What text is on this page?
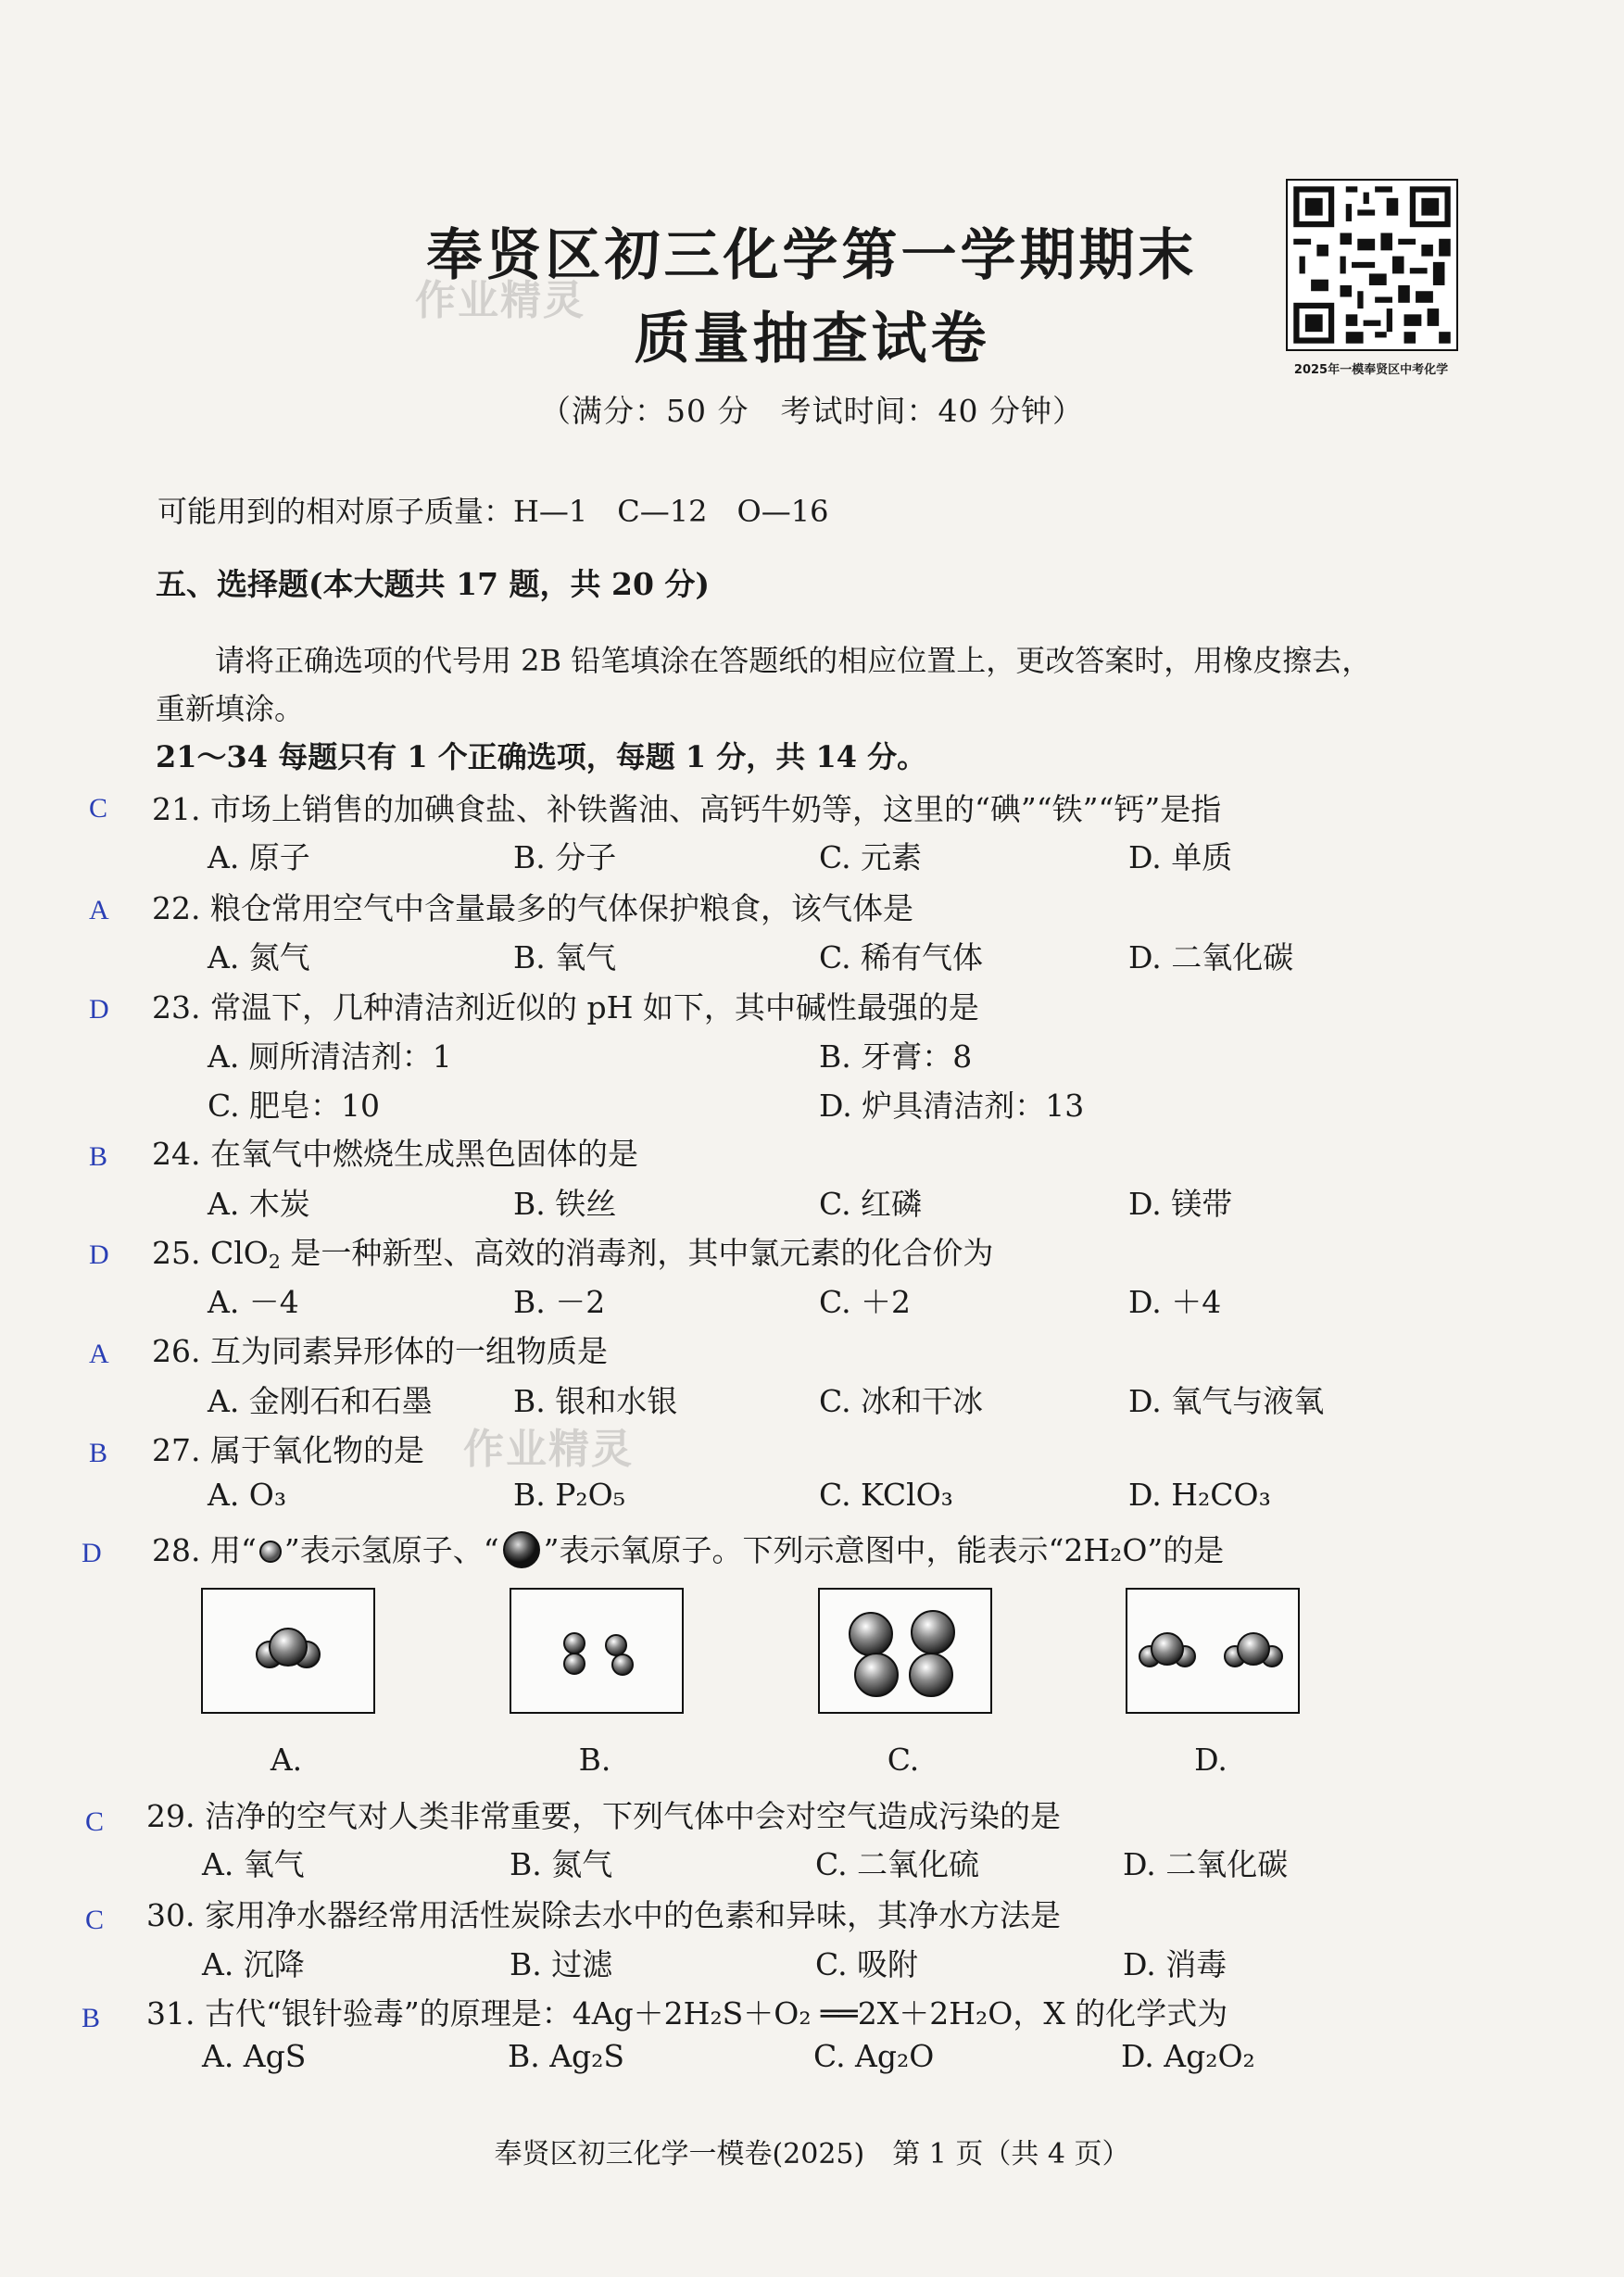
奉贤区初三化学第一学期期末
质量抽查试卷
作业精灵
2025年一模奉贤区中考化学
（满分：50 分　考试时间：40 分钟）
可能用到的相对原子质量：H—1　C—12　O—16
五、选择题(本大题共 17 题，共 20 分)
请将正确选项的代号用 2B 铅笔填涂在答题纸的相应位置上，更改答案时，用橡皮擦去，
重新填涂。
21～34 每题只有 1 个正确选项，每题 1 分，共 14 分。
C 21. 市场上销售的加碘食盐、补铁酱油、高钙牛奶等，这里的“碘”“铁”“钙”是指
A. 原子	B. 分子	C. 元素	D. 单质
A 22. 粮仓常用空气中含量最多的气体保护粮食，该气体是
A. 氮气	B. 氧气	C. 稀有气体	D. 二氧化碳
D 23. 常温下，几种清洁剂近似的 pH 如下，其中碱性最强的是
A. 厕所清洁剂：1	B. 牙膏：8
C. 肥皂：10	D. 炉具清洁剂：13
B 24. 在氧气中燃烧生成黑色固体的是
A. 木炭	B. 铁丝	C. 红磷	D. 镁带
D 25. ClO$_2$ 是一种新型、高效的消毒剂，其中氯元素的化合价为
A. －4	B. －2	C. ＋2	D. ＋4
A 26. 互为同素异形体的一组物质是
A. 金刚石和石墨	B. 银和水银	C. 冰和干冰	D. 氧气与液氧
B 27. 属于氧化物的是 作业精灵
A. O₃	B. P₂O₅	C. KClO₃	D. H₂CO₃
D 28. 用“ ”表示氢原子、“ ”表示氧原子。下列示意图中，能表示“2H₂O”的是
A.	B.	C.	D.
C 29. 洁净的空气对人类非常重要，下列气体中会对空气造成污染的是
A. 氧气	B. 氮气	C. 二氧化硫	D. 二氧化碳
C 30. 家用净水器经常用活性炭除去水中的色素和异味，其净水方法是
A. 沉降	B. 过滤	C. 吸附	D. 消毒
B 31. 古代“银针验毒”的原理是：4Ag＋2H₂S＋O₂ ══2X＋2H₂O，X 的化学式为
A. AgS	B. Ag₂S	C. Ag₂O	D. Ag₂O₂
奉贤区初三化学一模卷(2025)　第 1 页（共 4 页）
